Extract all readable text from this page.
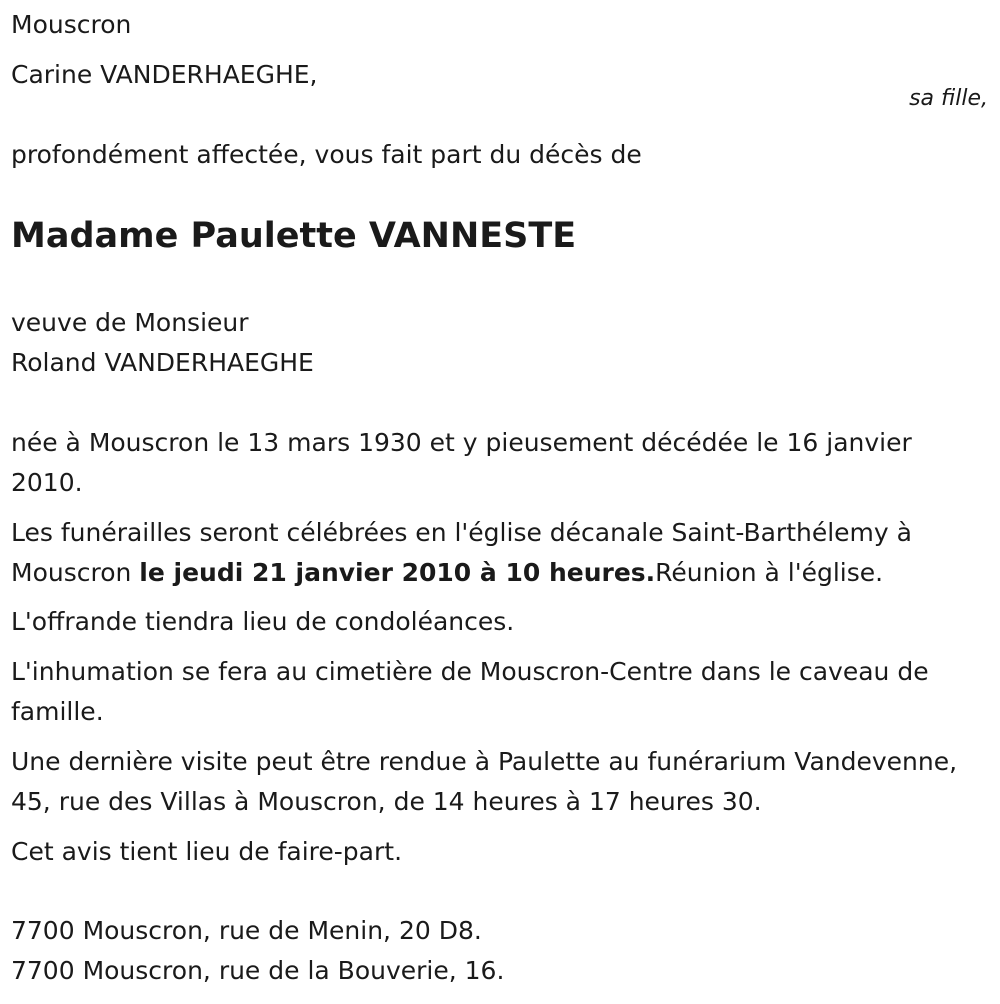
Mouscron
Carine VANDERHAEGHE,
sa fille,
profondément affectée, vous fait part du décès de
Madame Paulette VANNESTE
veuve de Monsieur
Roland VANDERHAEGHE
née à Mouscron le 13 mars 1930 et y pieusement décédée le 16 janvier 2010.
Les funérailles seront célébrées en l'église décanale Saint-Barthélemy à Mouscron le jeudi 21 janvier 2010 à 10 heures.Réunion à l'église.
L'offrande tiendra lieu de condoléances.
L'inhumation se fera au cimetière de Mouscron-Centre dans le caveau de famille.
Une dernière visite peut être rendue à Paulette au funérarium Vandevenne, 45, rue des Villas à Mouscron, de 14 heures à 17 heures 30.
Cet avis tient lieu de faire-part.
7700 Mouscron, rue de Menin, 20 D8.
7700 Mouscron, rue de la Bouverie, 16.
